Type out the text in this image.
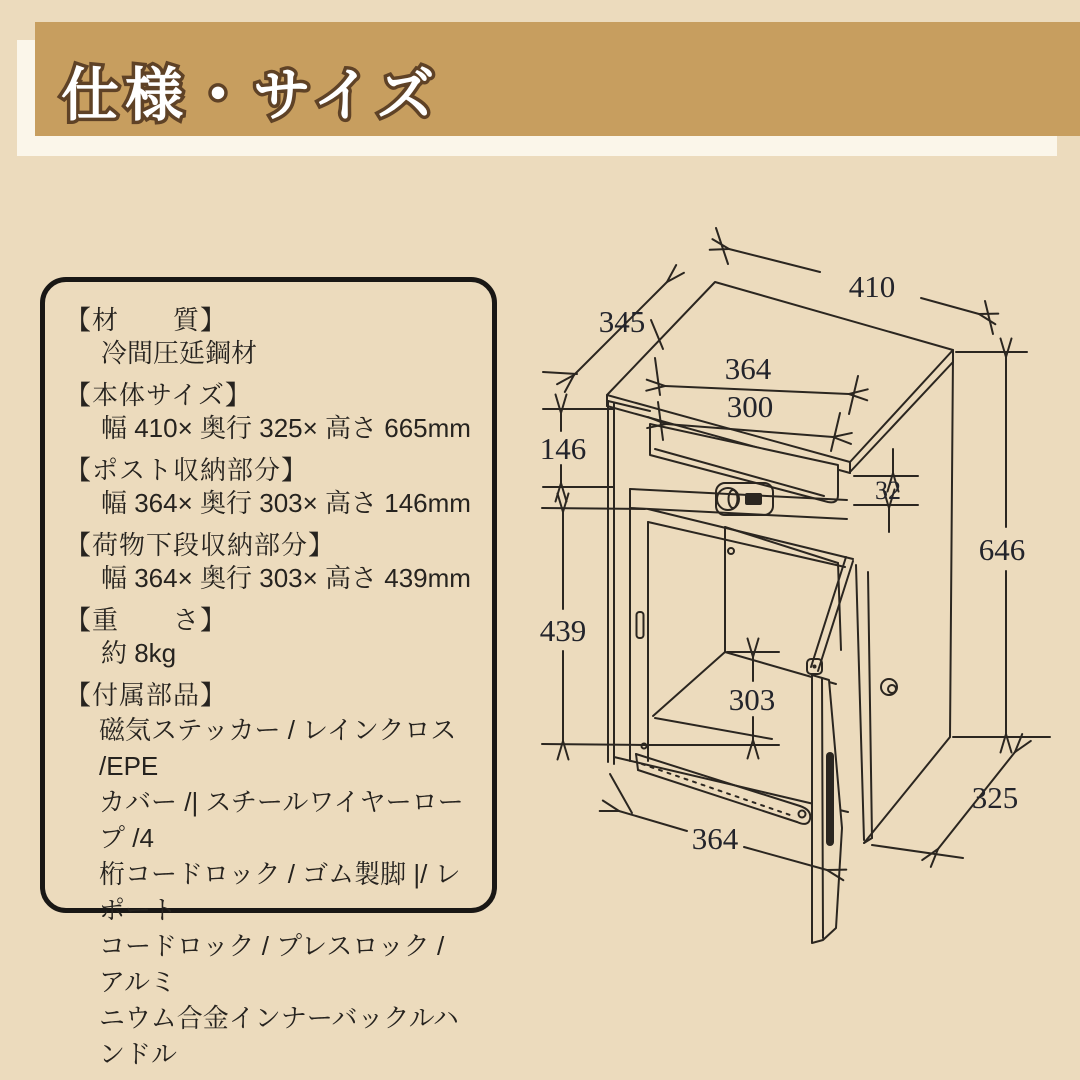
仕様・サイズ
【材　　質】
冷間圧延鋼材
【本体サイズ】
幅 410× 奥行 325× 高さ 665mm
【ポスト収納部分】
幅 364× 奥行 303× 高さ 146mm
【荷物下段収納部分】
幅 364× 奥行 303× 高さ 439mm
【重　　さ】
約 8kg
【付属部品】
磁気ステッカー / レインクロス /EPE
カバー /| スチールワイヤーロープ /4
桁コードロック / ゴム製脚 |/ レポート
コードロック / プレスロック / アルミ
ニウム合金インナーバックルハンドル
410
345
364
300
146
32
646
439
303
364
325
